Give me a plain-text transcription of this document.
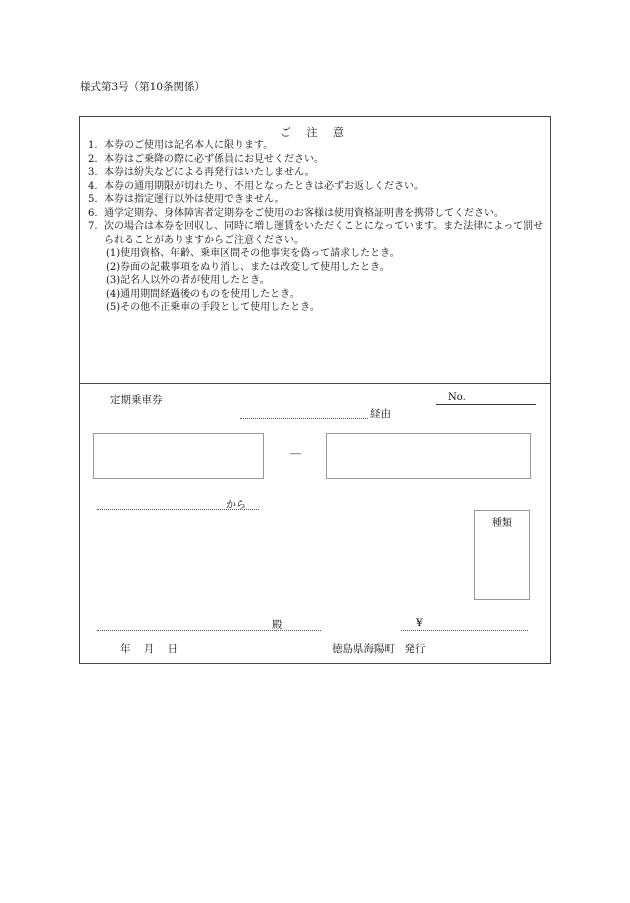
様式第3号（第10条関係）
ご 注 意
1. 本券のご使用は記名本人に限ります。
2. 本券はご乗降の際に必ず係員にお見せください。
3. 本券は紛失などによる再発行はいたしません。
4. 本券の通用期限が切れたり、不用となったときは必ずお返しください。
5. 本券は指定運行以外は使用できません。
6. 通学定期券、身体障害者定期券をご使用のお客様は使用資格証明書を携帯してください。
7. 次の場合は本券を回収し、同時に増し運賃をいただくことになっています。また法律によって罰せられることがありますからご注意ください。
(1)使用資格、年齢、乗車区間その他事実を偽って請求したとき。
(2)券面の記載事項をぬり消し、または改変して使用したとき。
(3)記名人以外の者が使用したとき。
(4)通用期間経過後のものを使用したとき。
(5)その他不正乗車の手段として使用したとき。
定期乗車券	No.
経由
―
から
種類
殿	¥
年 月 日	徳島県海陽町 発行
